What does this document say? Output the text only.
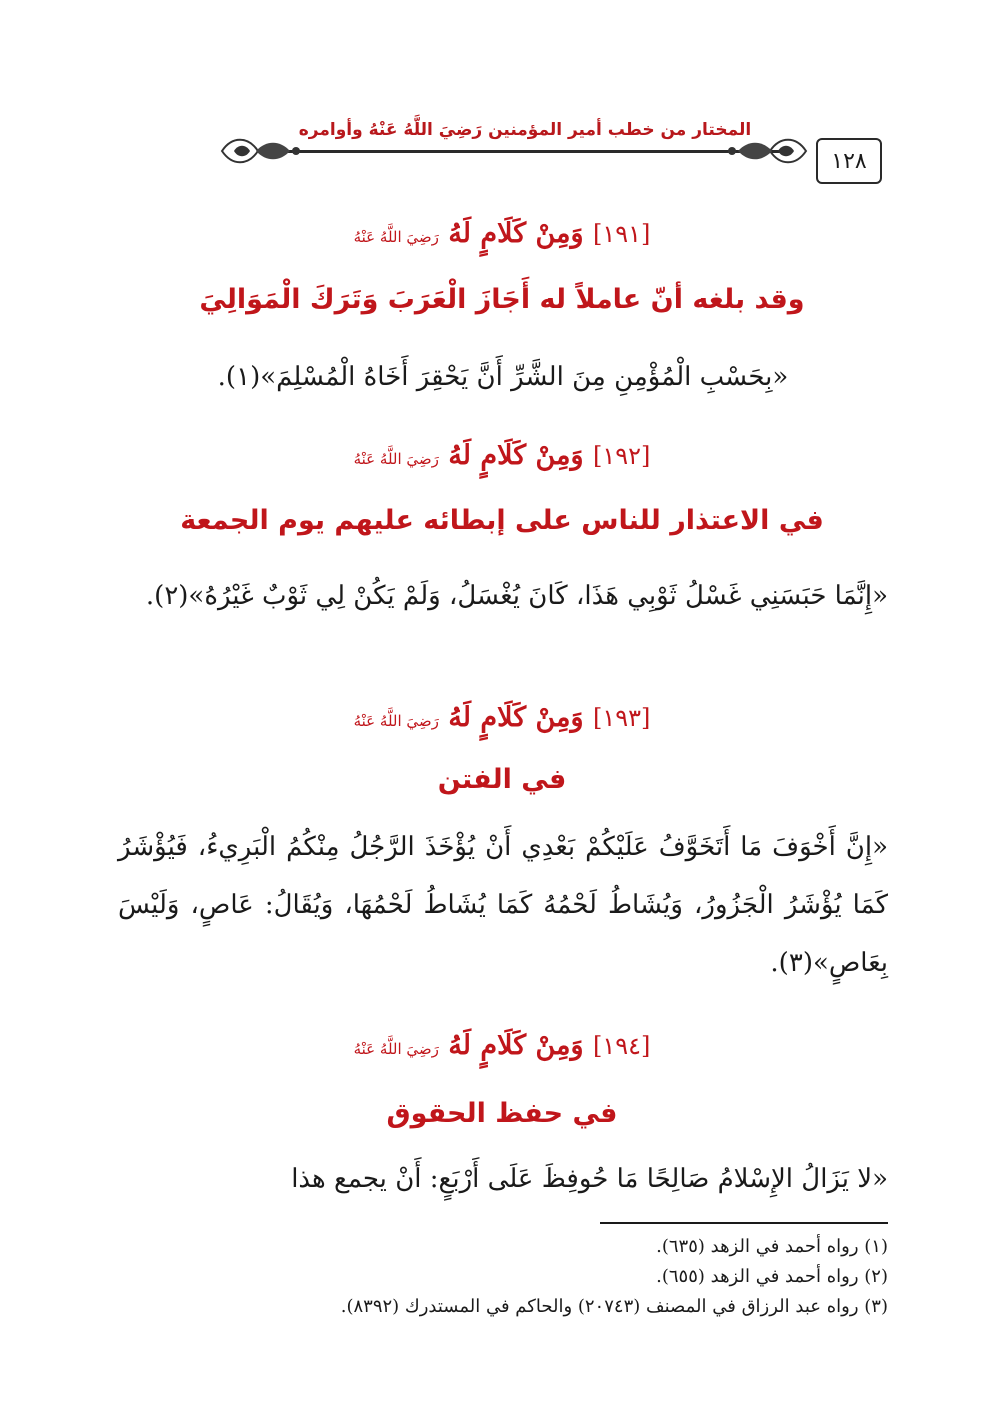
١٢٨
المختار من خطب أمير المؤمنين رَضِيَ اللَّهُ عَنْهُ وأوامره
[١٩١] وَمِنْ كَلَامٍ لَهُ رَضِيَ اللَّهُ عَنْهُ
وقد بلغه أنّ عاملاً له أَجَازَ الْعَرَبَ وَتَرَكَ الْمَوَالِيَ
«بِحَسْبِ الْمُؤْمِنِ مِنَ الشَّرِّ أَنَّ يَحْقِرَ أَخَاهُ الْمُسْلِمَ»(١).
[١٩٢] وَمِنْ كَلَامٍ لَهُ رَضِيَ اللَّهُ عَنْهُ
في الاعتذار للناس على إبطائه عليهم يوم الجمعة
«إِنَّمَا حَبَسَنِي غَسْلُ ثَوْبِي هَذَا، كَانَ يُغْسَلُ، وَلَمْ يَكُنْ لِي ثَوْبٌ غَيْرُهُ»(٢).
[١٩٣] وَمِنْ كَلَامٍ لَهُ رَضِيَ اللَّهُ عَنْهُ
في الفتن
«إِنَّ أَخْوَفَ مَا أَتَخَوَّفُ عَلَيْكُمْ بَعْدِي أَنْ يُؤْخَذَ الرَّجُلُ مِنْكُمُ الْبَرِيءُ، فَيُؤْشَرُ كَمَا يُؤْشَرُ الْجَزُورُ، وَيُشَاطُ لَحْمُهُ كَمَا يُشَاطُ لَحْمُهَا، وَيُقَالُ: عَاصٍ، وَلَيْسَ بِعَاصٍ»(٣).
[١٩٤] وَمِنْ كَلَامٍ لَهُ رَضِيَ اللَّهُ عَنْهُ
في حفظ الحقوق
«لا يَزَالُ الإِسْلامُ صَالِحًا مَا حُوفِظَ عَلَى أَرْبَعٍ: أَنْ يجمع هذا
(١) رواه أحمد في الزهد (٦٣٥).
(٢) رواه أحمد في الزهد (٦٥٥).
(٣) رواه عبد الرزاق في المصنف (٢٠٧٤٣) والحاكم في المستدرك (٨٣٩٢).
